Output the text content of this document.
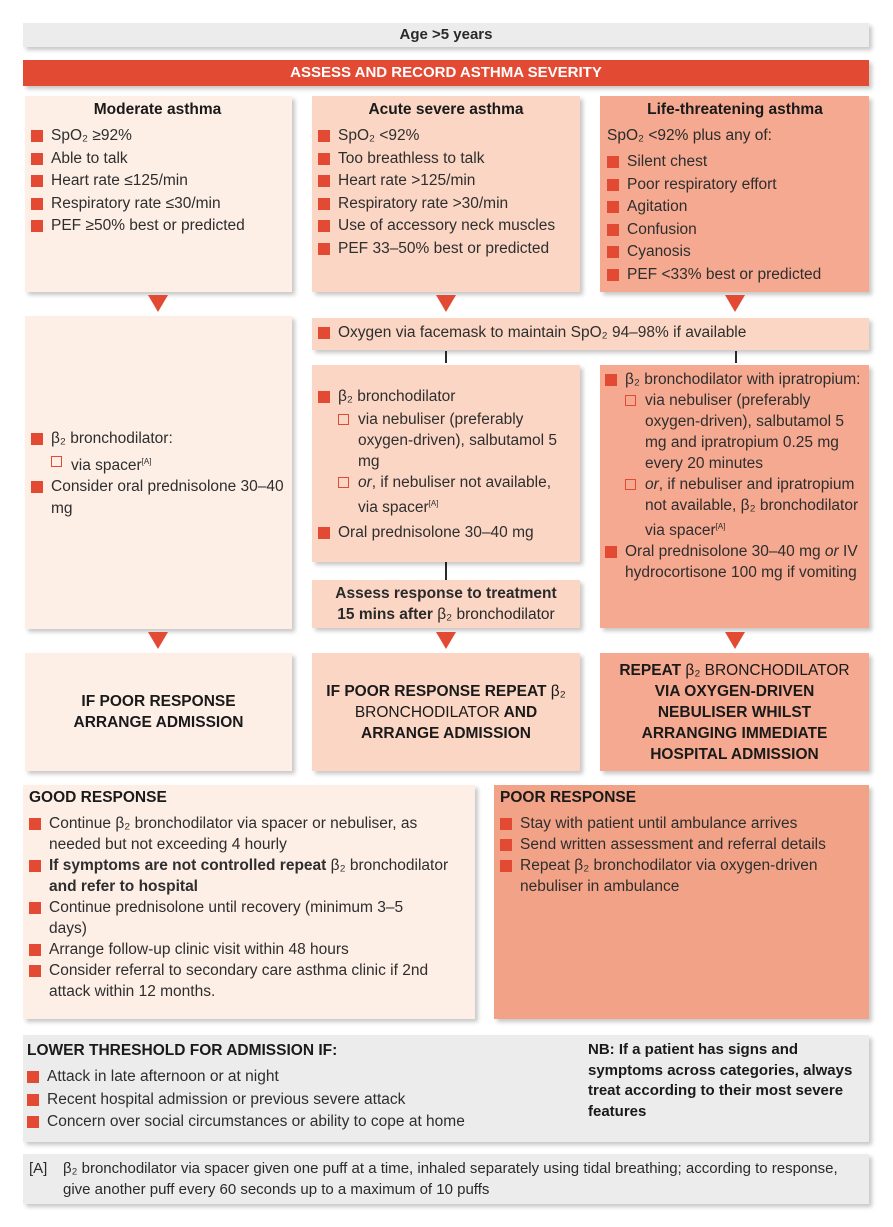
Age >5 years
ASSESS AND RECORD ASTHMA SEVERITY
Moderate asthma
SpO₂ ≥92%
Able to talk
Heart rate ≤125/min
Respiratory rate ≤30/min
PEF ≥50% best or predicted
Acute severe asthma
SpO₂ <92%
Too breathless to talk
Heart rate >125/min
Respiratory rate >30/min
Use of accessory neck muscles
PEF 33–50% best or predicted
Life-threatening asthma
SpO₂ <92% plus any of:
Silent chest
Poor respiratory effort
Agitation
Confusion
Cyanosis
PEF <33% best or predicted
Oxygen via facemask to maintain SpO₂ 94–98% if available
β₂ bronchodilator:
via spacer[A]
Consider oral prednisolone 30–40 mg
β₂ bronchodilator
via nebuliser (preferably oxygen-driven), salbutamol 5 mg
or, if nebuliser not available, via spacer[A]
Oral prednisolone 30–40 mg
Assess response to treatment
15 mins after β₂ bronchodilator
β₂ bronchodilator with ipratropium:
via nebuliser (preferably oxygen-driven), salbutamol 5 mg and ipratropium 0.25 mg every 20 minutes
or, if nebuliser and ipratropium not available, β₂ bronchodilator via spacer[A]
Oral prednisolone 30–40 mg or IV hydrocortisone 100 mg if vomiting
IF POOR RESPONSE ARRANGE ADMISSION
IF POOR RESPONSE REPEAT β₂ BRONCHODILATOR AND ARRANGE ADMISSION
REPEAT β₂ BRONCHODILATOR VIA OXYGEN-DRIVEN NEBULISER WHILST ARRANGING IMMEDIATE HOSPITAL ADMISSION
GOOD RESPONSE
Continue β₂ bronchodilator via spacer or nebuliser, as needed but not exceeding 4 hourly
If symptoms are not controlled repeat β₂ bronchodilator and refer to hospital
Continue prednisolone until recovery (minimum 3–5 days)
Arrange follow-up clinic visit within 48 hours
Consider referral to secondary care asthma clinic if 2nd attack within 12 months.
POOR RESPONSE
Stay with patient until ambulance arrives
Send written assessment and referral details
Repeat β₂ bronchodilator via oxygen-driven nebuliser in ambulance
LOWER THRESHOLD FOR ADMISSION IF:
Attack in late afternoon or at night
Recent hospital admission or previous severe attack
Concern over social circumstances or ability to cope at home
NB: If a patient has signs and symptoms across categories, always treat according to their most severe features
[A] β₂ bronchodilator via spacer given one puff at a time, inhaled separately using tidal breathing; according to response, give another puff every 60 seconds up to a maximum of 10 puffs
